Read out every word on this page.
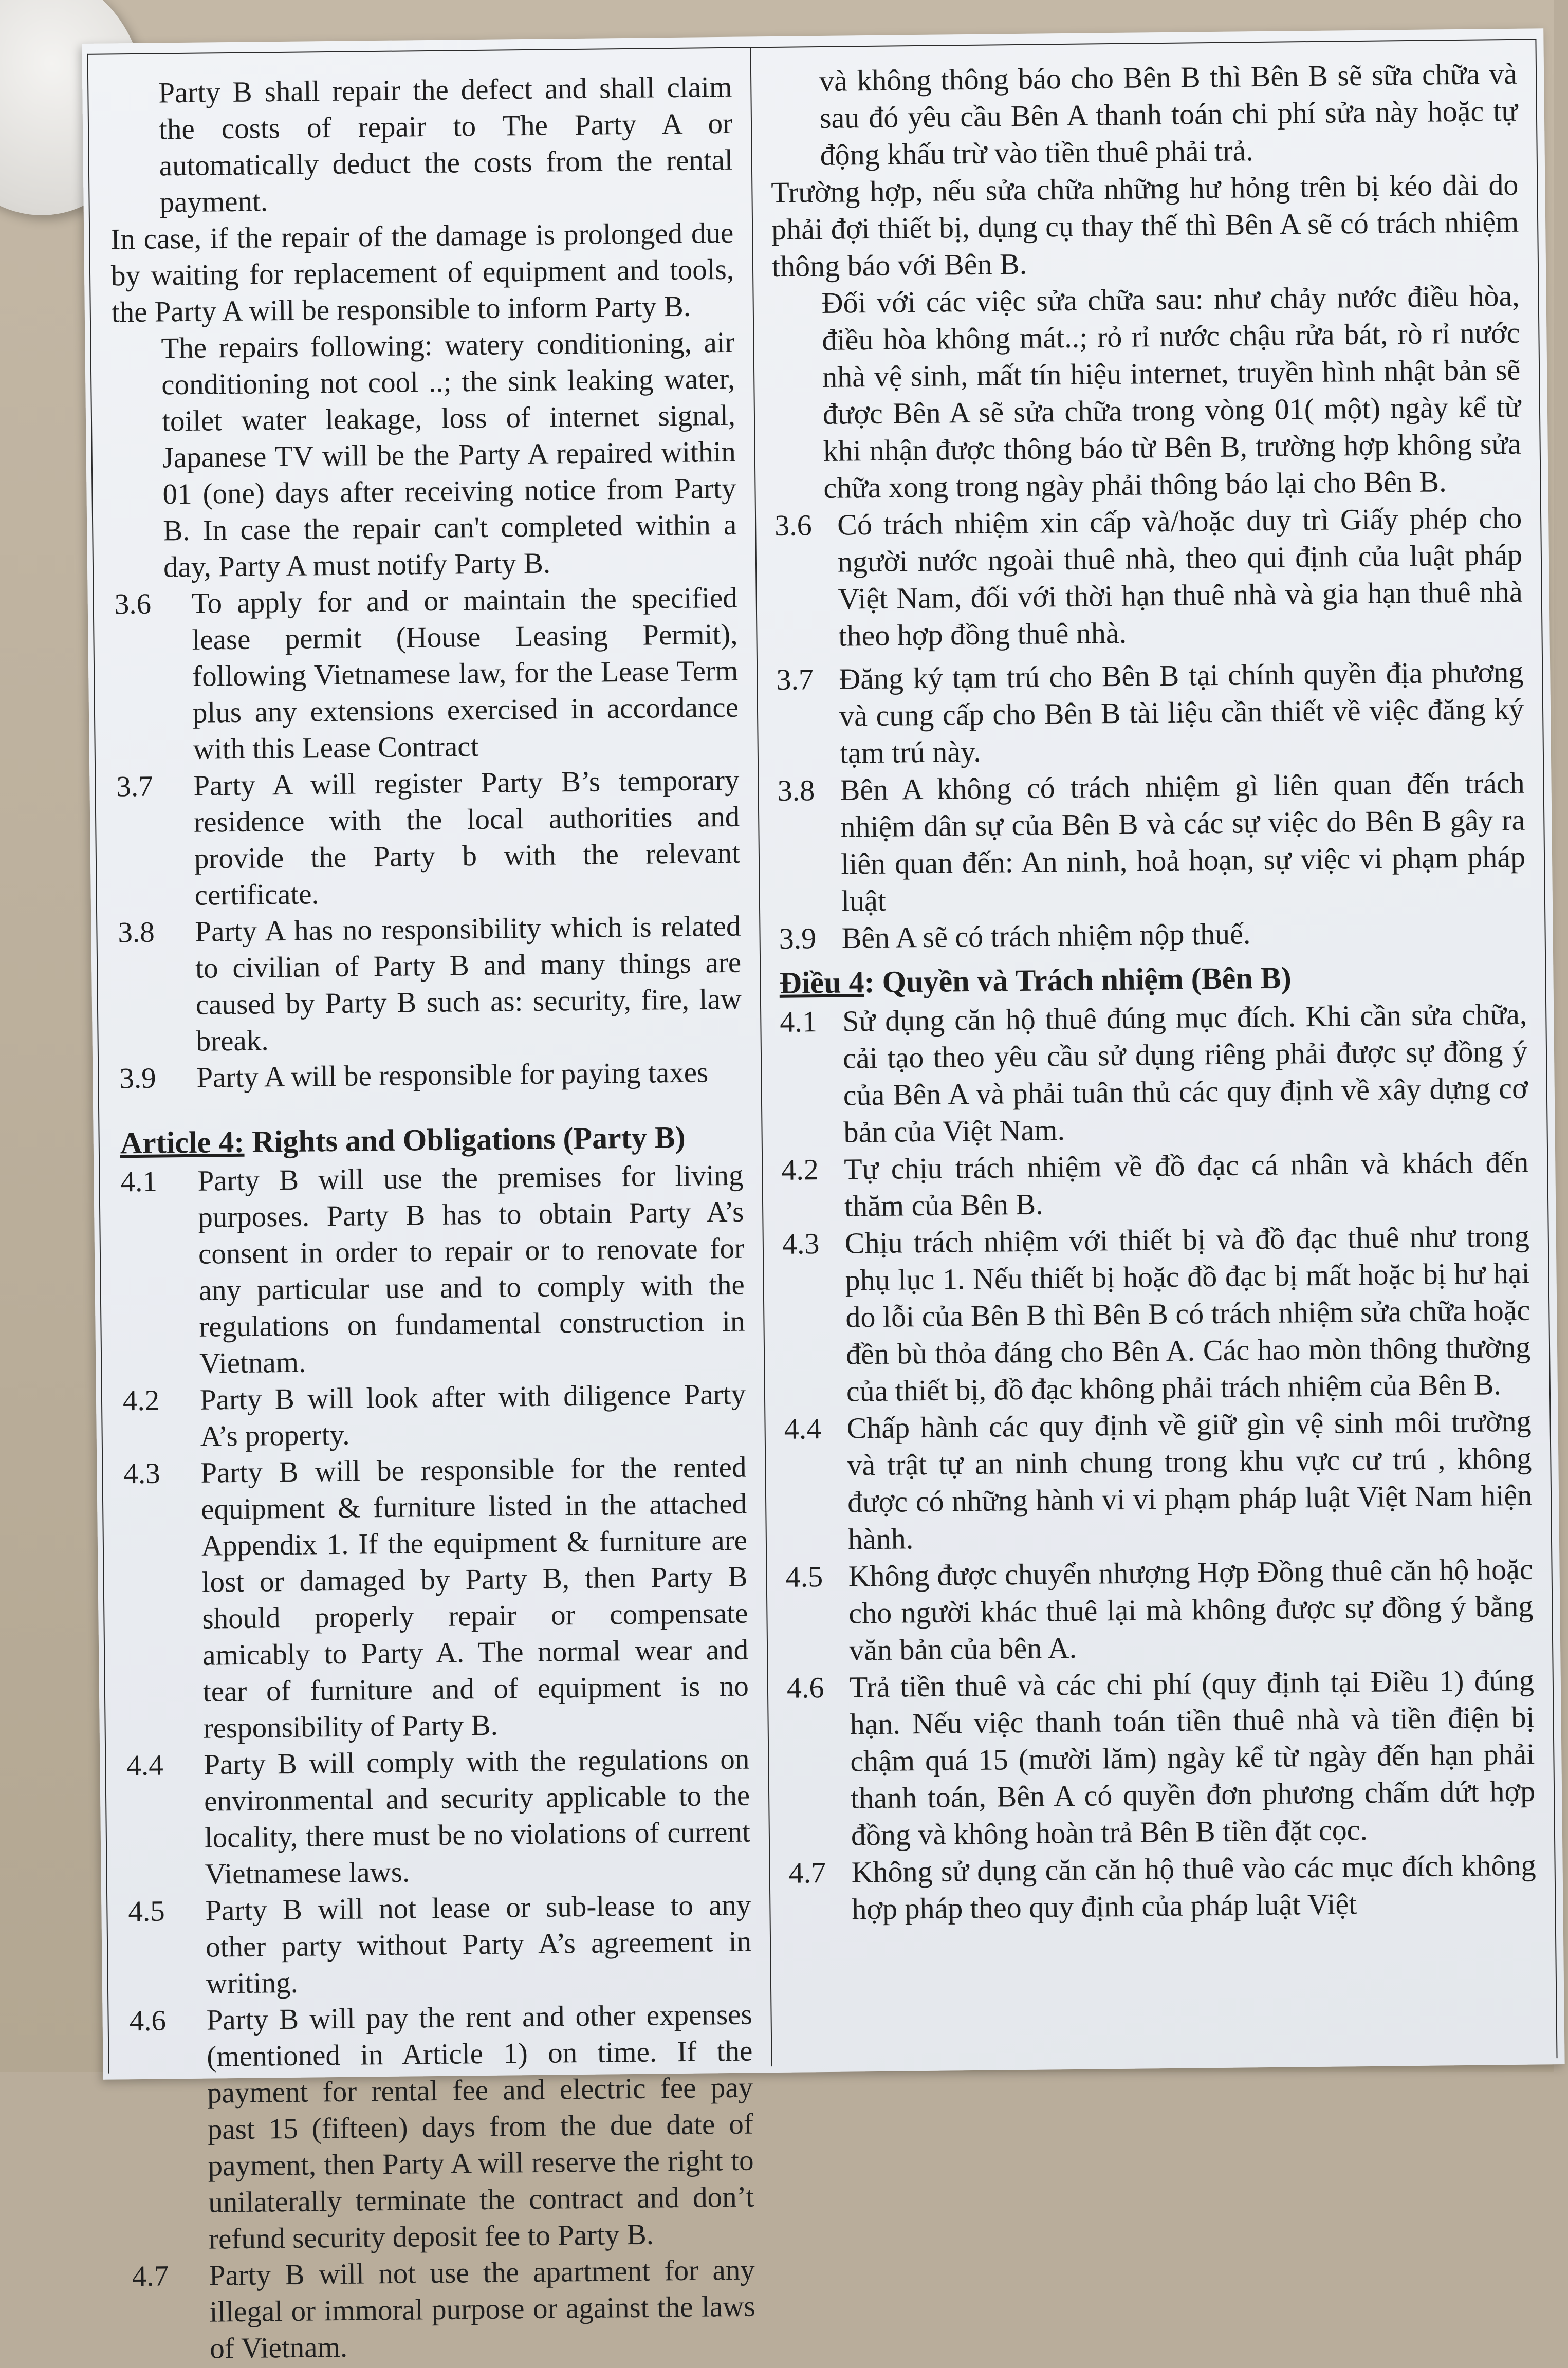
Party B shall repair the defect and shall claim the costs of repair to The Party A or automatically deduct the costs from the rental payment.

In case, if the repair of the damage is prolonged due by waiting for replacement of equipment and tools, the Party A will be responsible to inform Party B.

The repairs following: watery conditioning, air conditioning not cool ..; the sink leaking water, toilet water leakage, loss of internet signal, Japanese TV will be the Party A repaired within 01 (one) days after receiving notice from Party B. In case the repair can't completed within a day, Party A must notify Party B.

3.6	To apply for and or maintain the specified lease permit (House Leasing Permit), following Vietnamese law, for the Lease Term plus any extensions exercised in accordance with this Lease Contract
3.7	Party A will register Party B’s temporary residence with the local authorities and provide the Party b with the relevant certificate.
3.8	Party A has no responsibility which is related to civilian of Party B and many things are caused by Party B such as: security, fire, law break.
3.9	Party A will be responsible for paying taxes

Article 4: Rights and Obligations (Party B)

4.1	Party B will use the premises for living purposes. Party B has to obtain Party A’s consent in order to repair or to renovate for any particular use and to comply with the regulations on fundamental construction in Vietnam.
4.2	Party B will look after with diligence Party A’s property.
4.3	Party B will be responsible for the rented equipment & furniture listed in the attached Appendix 1. If the equipment & furniture are lost or damaged by Party B, then Party B should properly repair or compensate amicably to Party A. The normal wear and tear of furniture and of equipment is no responsibility of Party B.
4.4	Party B will comply with the regulations on environmental and security applicable to the locality, there must be no violations of current Vietnamese laws.
4.5	Party B will not lease or sub-lease to any other party without Party A’s agreement in writing.
4.6	Party B will pay the rent and other expenses (mentioned in Article 1) on time. If the payment for rental fee and electric fee pay past 15 (fifteen) days from the due date of payment, then Party A will reserve the right to unilaterally terminate the contract and don’t refund security deposit fee to Party B.
4.7	Party B will not use the apartment for any illegal or immoral purpose or against the laws of Vietnam.

và không thông báo cho Bên B thì Bên B sẽ sữa chữa và sau đó yêu cầu Bên A thanh toán chi phí sửa này hoặc tự động khấu trừ vào tiền thuê phải trả.

Trường hợp, nếu sửa chữa những hư hỏng trên bị kéo dài do phải đợi thiết bị, dụng cụ thay thế thì Bên A sẽ có trách nhiệm thông báo với Bên B.

Đối với các việc sửa chữa sau: như chảy nước điều hòa, điều hòa không mát..; rỏ rỉ nước chậu rửa bát, rò rỉ nước nhà vệ sinh, mất tín hiệu internet, truyền hình nhật bản sẽ được Bên A sẽ sửa chữa trong vòng 01( một) ngày kể từ khi nhận được thông báo từ Bên B, trường hợp không sửa chữa xong trong ngày phải thông báo lại cho Bên B.

3.6 Có trách nhiệm xin cấp và/hoặc duy trì Giấy phép cho người nước ngoài thuê nhà, theo qui định của luật pháp Việt Nam, đối với thời hạn thuê nhà và gia hạn thuê nhà theo hợp đồng thuê nhà.
3.7 Đăng ký tạm trú cho Bên B tại chính quyền địa phương và cung cấp cho Bên B tài liệu cần thiết về việc đăng ký tạm trú này.
3.8 Bên A không có trách nhiệm gì liên quan đến trách nhiệm dân sự của Bên B và các sự việc do Bên B gây ra liên quan đến: An ninh, hoả hoạn, sự việc vi phạm pháp luật
3.9 Bên A sẽ có trách nhiệm nộp thuế.

Điều 4: Quyền và Trách nhiệm (Bên B)

4.1 Sử dụng căn hộ thuê đúng mục đích. Khi cần sửa chữa, cải tạo theo yêu cầu sử dụng riêng phải được sự đồng ý của Bên A và phải tuân thủ các quy định về xây dựng cơ bản của Việt Nam.
4.2 Tự chịu trách nhiệm về đồ đạc cá nhân và khách đến thăm của Bên B.
4.3 Chịu trách nhiệm với thiết bị và đồ đạc thuê như trong phụ lục 1. Nếu thiết bị hoặc đồ đạc bị mất hoặc bị hư hại do lỗi của Bên B thì Bên B có trách nhiệm sửa chữa hoặc đền bù thỏa đáng cho Bên A. Các hao mòn thông thường của thiết bị, đồ đạc không phải trách nhiệm của Bên B.
4.4 Chấp hành các quy định về giữ gìn vệ sinh môi trường và trật tự an ninh chung trong khu vực cư trú , không được có những hành vi vi phạm pháp luật Việt Nam hiện hành.
4.5 Không được chuyển nhượng Hợp Đồng thuê căn hộ hoặc cho người khác thuê lại mà không được sự đồng ý bằng văn bản của bên A.
4.6 Trả tiền thuê và các chi phí (quy định tại Điều 1) đúng hạn. Nếu việc thanh toán tiền thuê nhà và tiền điện bị chậm quá 15 (mười lăm) ngày kể từ ngày đến hạn phải thanh toán, Bên A có quyền đơn phương chấm dứt hợp đồng và không hoàn trả Bên B tiền đặt cọc.
4.7 Không sử dụng căn căn hộ thuê vào các mục đích không hợp pháp theo quy định của pháp luật Việt
